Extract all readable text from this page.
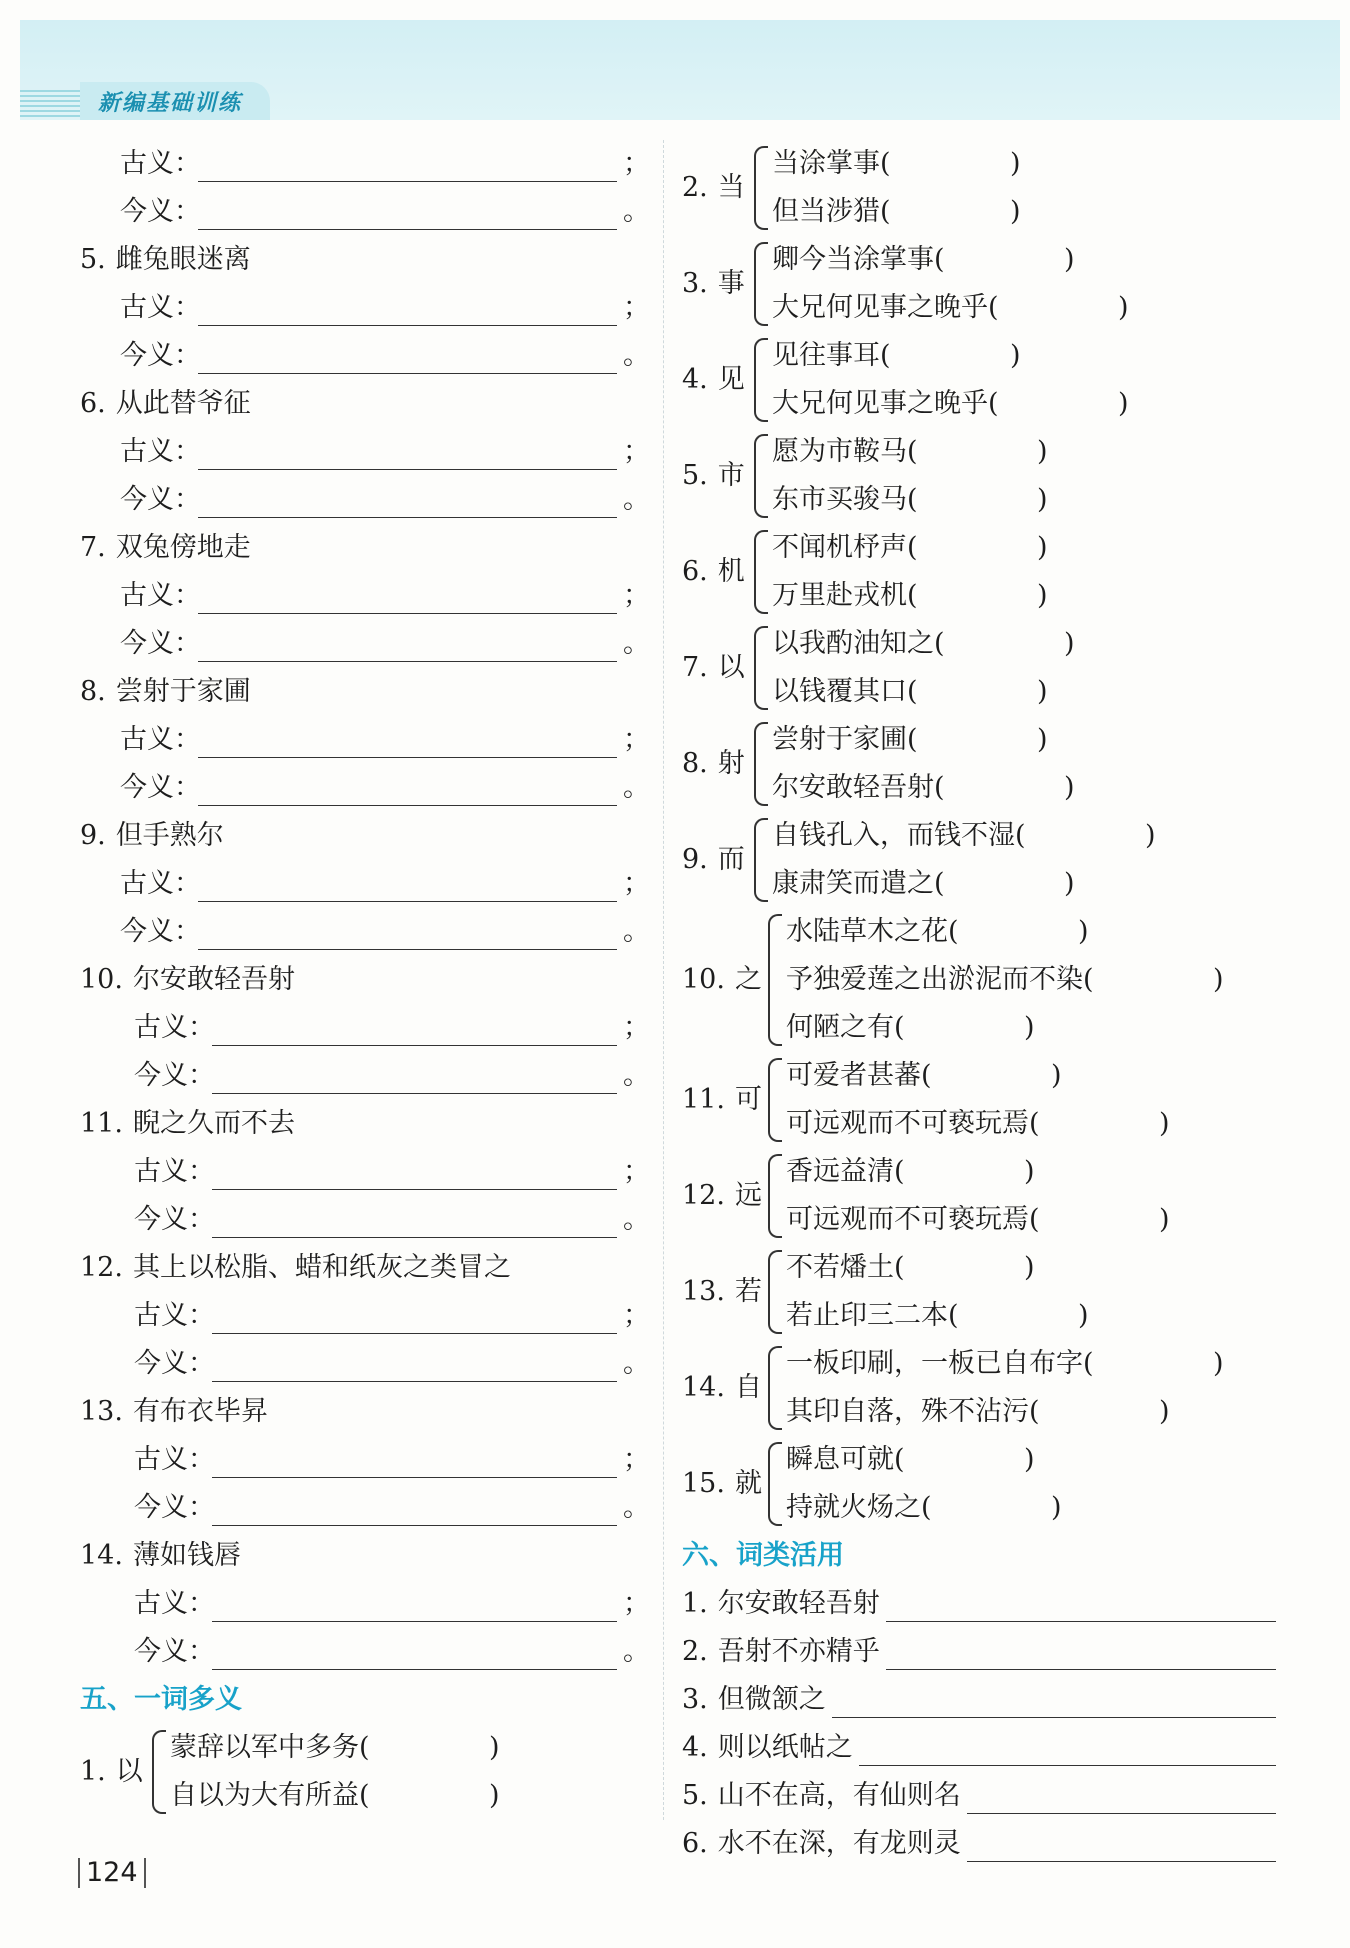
新编基础训练
古义：	；
今义：	。
5. 雌兔眼迷离
古义：	；
今义：	。
6. 从此替爷征
古义：	；
今义：	。
7. 双兔傍地走
古义：	；
今义：	。
8. 尝射于家圃
古义：	；
今义：	。
9. 但手熟尔
古义：	；
今义：	。
10. 尔安敢轻吾射
古义：	；
今义：	。
11. 睨之久而不去
古义：	；
今义：	。
12. 其上以松脂、蜡和纸灰之类冒之
古义：	；
今义：	。
13. 有布衣毕昇
古义：	；
今义：	。
14. 薄如钱唇
古义：	；
今义：	。
五、一词多义
1. 以
蒙辞以军中多务(	)
自以为大有所益(	)
2. 当
当涂掌事(	)
但当涉猎(	)
3. 事
卿今当涂掌事(	)
大兄何见事之晚乎(	)
4. 见
见往事耳(	)
大兄何见事之晚乎(	)
5. 市
愿为市鞍马(	)
东市买骏马(	)
6. 机
不闻机杼声(	)
万里赴戎机(	)
7. 以
以我酌油知之(	)
以钱覆其口(	)
8. 射
尝射于家圃(	)
尔安敢轻吾射(	)
9. 而
自钱孔入，而钱不湿(	)
康肃笑而遣之(	)
10. 之
水陆草木之花(	)
予独爱莲之出淤泥而不染(	)
何陋之有(	)
11. 可
可爱者甚蕃(	)
可远观而不可亵玩焉(	)
12. 远
香远益清(	)
可远观而不可亵玩焉(	)
13. 若
不若燔土(	)
若止印三二本(	)
14. 自
一板印刷，一板已自布字(	)
其印自落，殊不沾污(	)
15. 就
瞬息可就(	)
持就火炀之(	)
六、词类活用
1. 尔安敢轻吾射
2. 吾射不亦精乎
3. 但微颔之
4. 则以纸帖之
5. 山不在高，有仙则名
6. 水不在深，有龙则灵
124
